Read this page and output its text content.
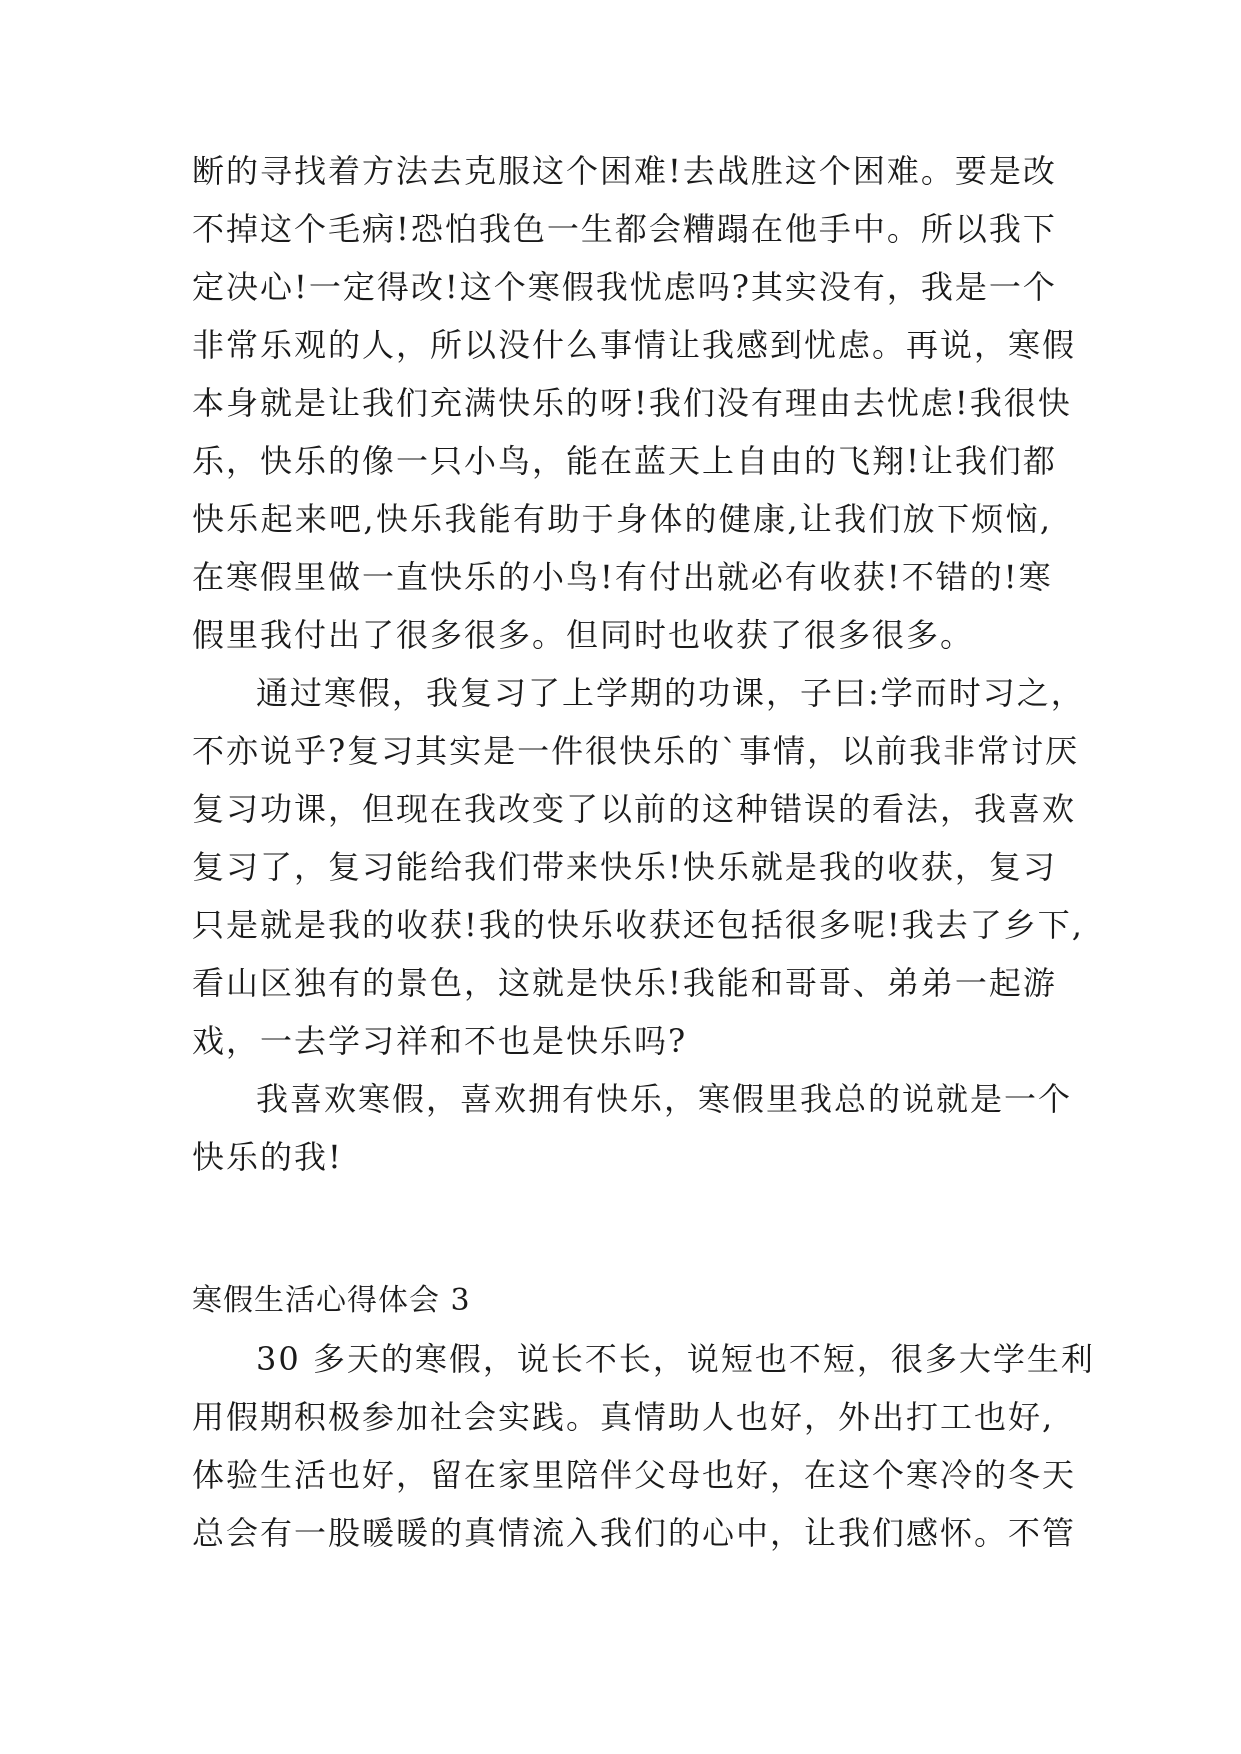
断的寻找着方法去克服这个困难!去战胜这个困难。要是改
不掉这个毛病!恐怕我色一生都会糟蹋在他手中。所以我下
定决心!一定得改!这个寒假我忧虑吗?其实没有，我是一个
非常乐观的人，所以没什么事情让我感到忧虑。再说，寒假
本身就是让我们充满快乐的呀!我们没有理由去忧虑!我很快
乐，快乐的像一只小鸟，能在蓝天上自由的飞翔!让我们都
快乐起来吧,快乐我能有助于身体的健康,让我们放下烦恼,
在寒假里做一直快乐的小鸟!有付出就必有收获!不错的!寒
假里我付出了很多很多。但同时也收获了很多很多。
通过寒假，我复习了上学期的功课，子曰:学而时习之，
不亦说乎?复习其实是一件很快乐的`事情，以前我非常讨厌
复习功课，但现在我改变了以前的这种错误的看法，我喜欢
复习了，复习能给我们带来快乐!快乐就是我的收获，复习
只是就是我的收获!我的快乐收获还包括很多呢!我去了乡下,
看山区独有的景色，这就是快乐!我能和哥哥、弟弟一起游
戏，一去学习祥和不也是快乐吗?
我喜欢寒假，喜欢拥有快乐，寒假里我总的说就是一个
快乐的我!
寒假生活心得体会 3
30 多天的寒假，说长不长，说短也不短，很多大学生利
用假期积极参加社会实践。真情助人也好，外出打工也好,
体验生活也好，留在家里陪伴父母也好，在这个寒冷的冬天
总会有一股暖暖的真情流入我们的心中，让我们感怀。不管
